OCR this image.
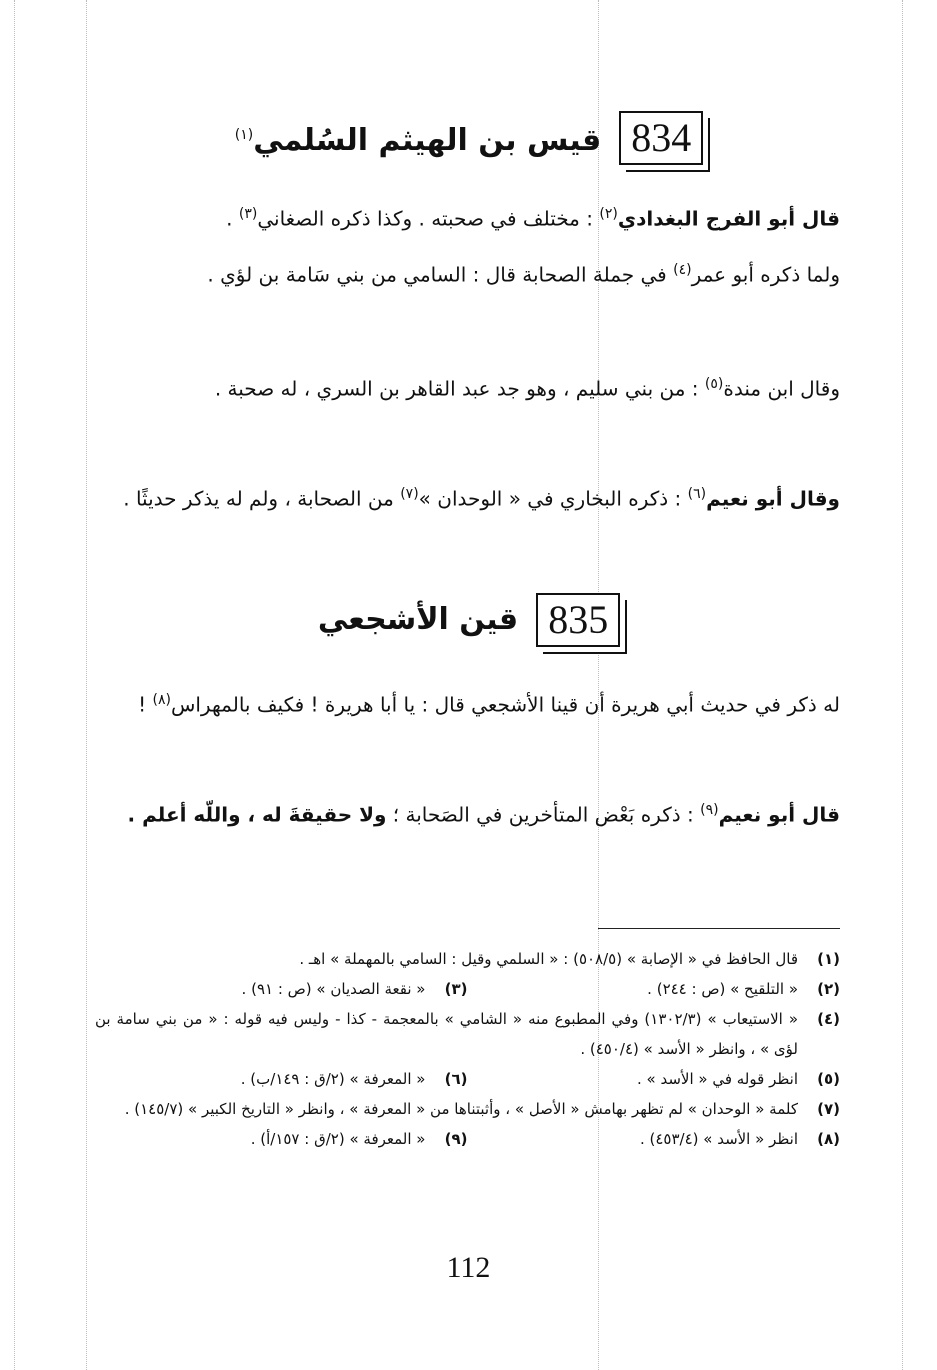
834
قيس بن الهيثم السُلمي$^{(١)}$
قال أبو الفرج البغدادي$^{(٢)}$ : مختلف في صحبته . وكذا ذكره الصغاني$^{(٣)}$ .
ولما ذكره أبو عمر$^{(٤)}$ في جملة الصحابة قال : السامي من بني سَامة بن لؤي .
وقال ابن مندة$^{(٥)}$ : من بني سليم ، وهو جد عبد القاهر بن السري ، له صحبة .
وقال أبو نعيم$^{(٦)}$ : ذكره البخاري في « الوحدان »$^{(٧)}$ من الصحابة ، ولم له يذكر حديثًا .
835
قين الأشجعي
له ذكر في حديث أبي هريرة أن قينا الأشجعي قال : يا أبا هريرة ! فكيف بالمهراس$^{(٨)}$ !
قال أبو نعيم$^{(٩)}$ : ذكره بَعْض المتأخرين في الصَحابة ؛ ولا حقيقةَ له ، واللّه أعلم .
(١)
قال الحافظ في « الإصابة » (٥٠٨/٥) : « السلمي وقيل : السامي بالمهملة » اهـ .
(٢)
« التلقيح » (ص : ٢٤٤) .
(٣)
« نقعة الصديان » (ص : ٩١) .
(٤)
« الاستيعاب » (١٣٠٢/٣) وفي المطبوع منه « الشامي » بالمعجمة - كذا - وليس فيه قوله : « من بني سامة بن لؤى » ، وانظر « الأسد » (٤٥٠/٤) .
(٥)
انظر قوله في « الأسد » .
(٦)
« المعرفة » (٢/ق : ١٤٩/ب) .
(٧)
كلمة « الوحدان » لم تظهر بهامش « الأصل » ، وأثبتناها من « المعرفة » ، وانظر « التاريخ الكبير » (١٤٥/٧) .
(٨)
انظر « الأسد » (٤٥٣/٤) .
(٩)
« المعرفة » (٢/ق : ١٥٧/أ) .
112
